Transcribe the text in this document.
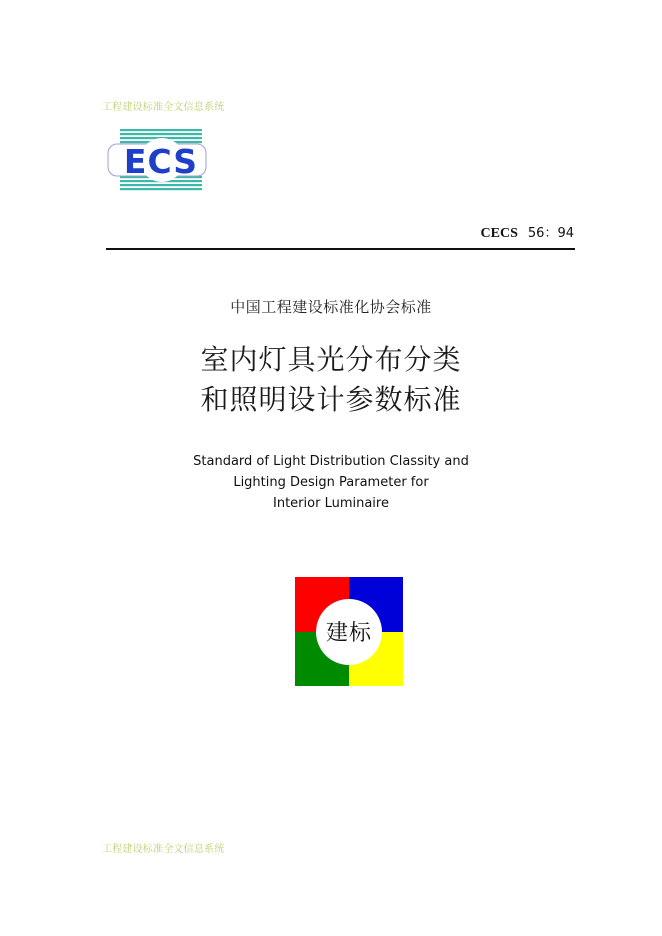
工程建设标准全文信息系统
ECS
CECS 56：94
中国工程建设标准化协会标准
室内灯具光分布分类
和照明设计参数标准
Standard of Light Distribution Classity and
Lighting Design Parameter for
Interior Luminaire
建标
工程建设标准全文信息系统
